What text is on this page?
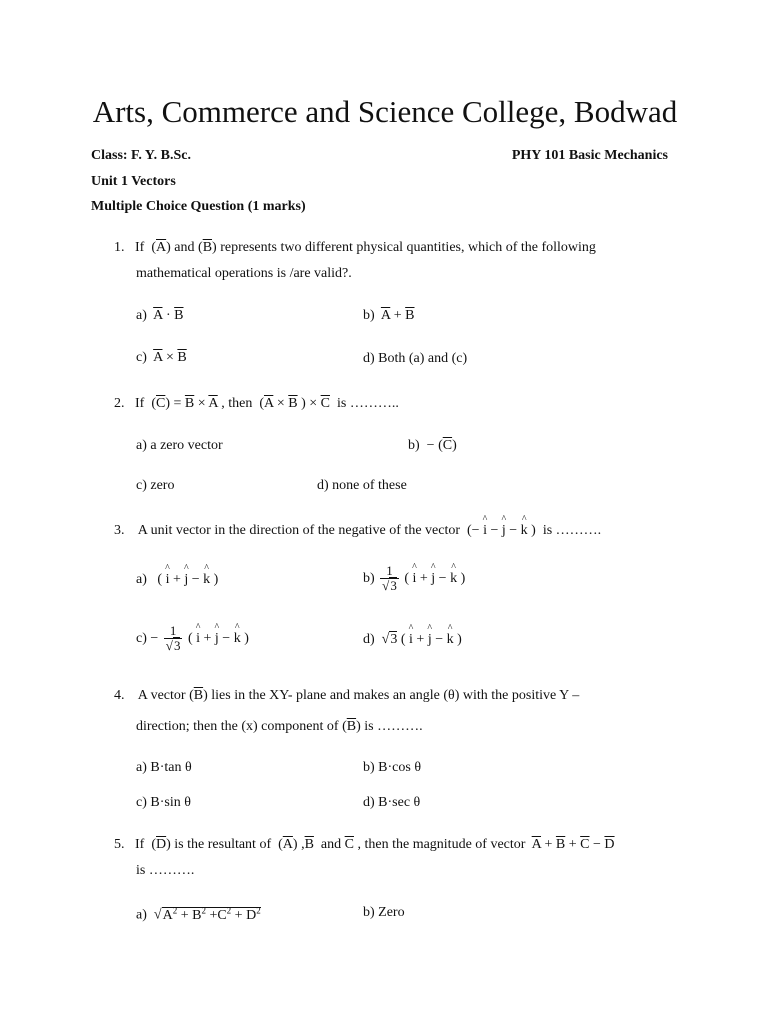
Arts, Commerce and Science College, Bodwad
Class: F. Y. B.Sc.	PHY 101 Basic Mechanics
Unit 1 Vectors
Multiple Choice Question (1 marks)
1.   If  $(\overline{A})$ and $(\overline{B})$ represents two different physical quantities, which of the following
mathematical operations is /are valid?.
a) $\overline{A} \cdot \overline{B}$	b) $\overline{A} + \overline{B}$
c) $\overline{A} \times \overline{B}$	d) Both (a) and (c)
2.   If  $(\overline{C}) = \overline{B} \times \overline{A}$ , then  ($\overline{A} \times \overline{B}$ ) × $\overline{C}$ is ………..
a) a zero vector	$b) - (\overline{C})$
c) zero	d) none of these
3. A unit vector in the direction of the negative of the vector (− ^ i − ^ j − ^ k ) is ……….
a) ( ^ i + ^ j − ^ k )	$b) \frac{1}{√3}$ ( ^ i + ^ j − ^ k )
$c) - \frac{1}{√3}$ ( ^ i + ^ j − ^ k )	d) √3 ( ^ i + ^ j − ^ k )
4. A vector $(\overline{B})$ lies in the XY- plane and makes an angle (θ) with the positive Y –
direction; then the (x) component of $(\overline{B})$ is ……….
a) B·tan θ	b) B·cos θ
c) B·sin θ	d) B·sec θ
5.   If  $(\overline{D})$ is the resultant of $(\overline{A})$ $,\overline{B}$  and $\overline{C}$ , then the magnitude of vector $\overline{A} + \overline{B} + \overline{C} - \overline{D}$
is ……….
a) $√A^2 + B^2 +C^2 + D^2$	b) Zero
